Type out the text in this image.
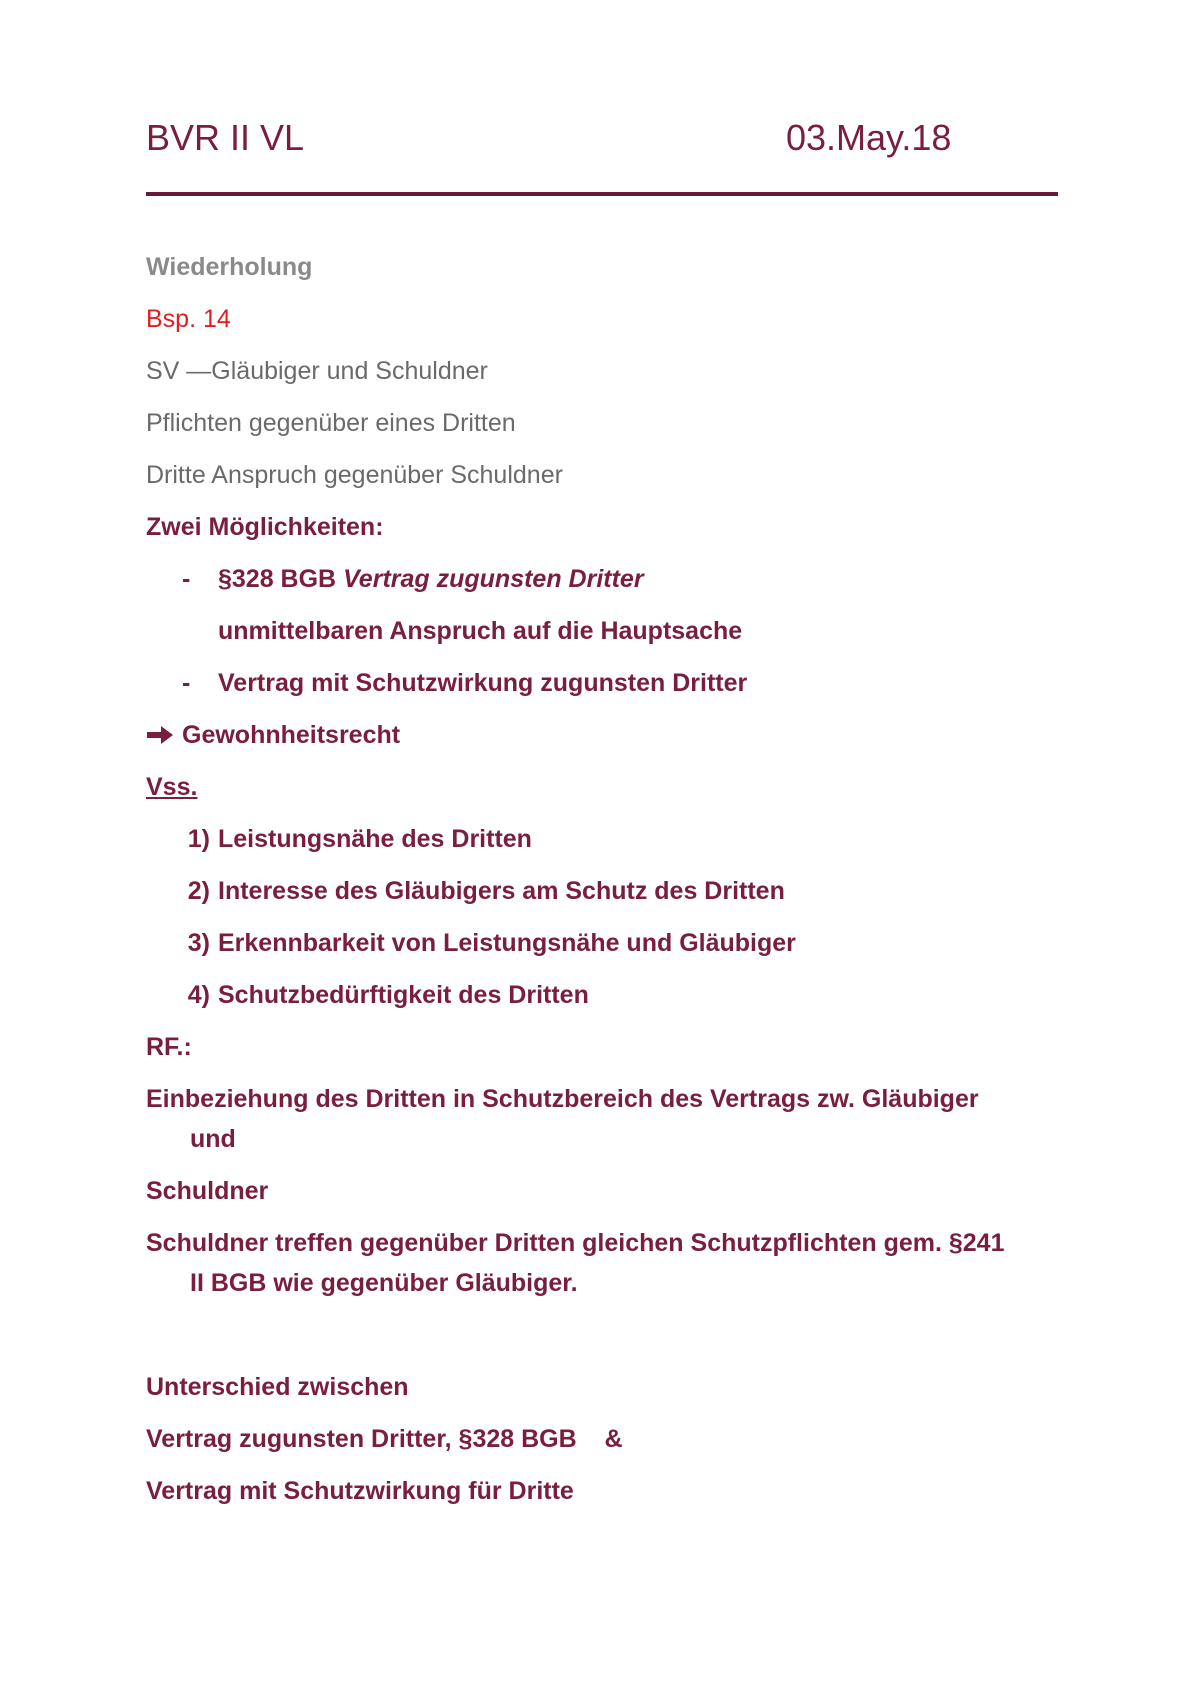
BVR II VL	03.May.18
Wiederholung
Bsp. 14
SV —Gläubiger und Schuldner
Pflichten gegenüber eines Dritten
Dritte Anspruch gegenüber Schuldner
Zwei Möglichkeiten:
- §328 BGB Vertrag zugunsten Dritter
unmittelbaren Anspruch auf die Hauptsache
- Vertrag mit Schutzwirkung zugunsten Dritter
Gewohnheitsrecht
Vss.
1) Leistungsnähe des Dritten
2) Interesse des Gläubigers am Schutz des Dritten
3) Erkennbarkeit von Leistungsnähe und Gläubiger
4) Schutzbedürftigkeit des Dritten
RF.:
Einbeziehung des Dritten in Schutzbereich des Vertrags zw. Gläubiger
und
Schuldner
Schuldner treffen gegenüber Dritten gleichen Schutzpflichten gem. §241
II BGB wie gegenüber Gläubiger.
Unterschied zwischen
Vertrag zugunsten Dritter, §328 BGB    &
Vertrag mit Schutzwirkung für Dritte
